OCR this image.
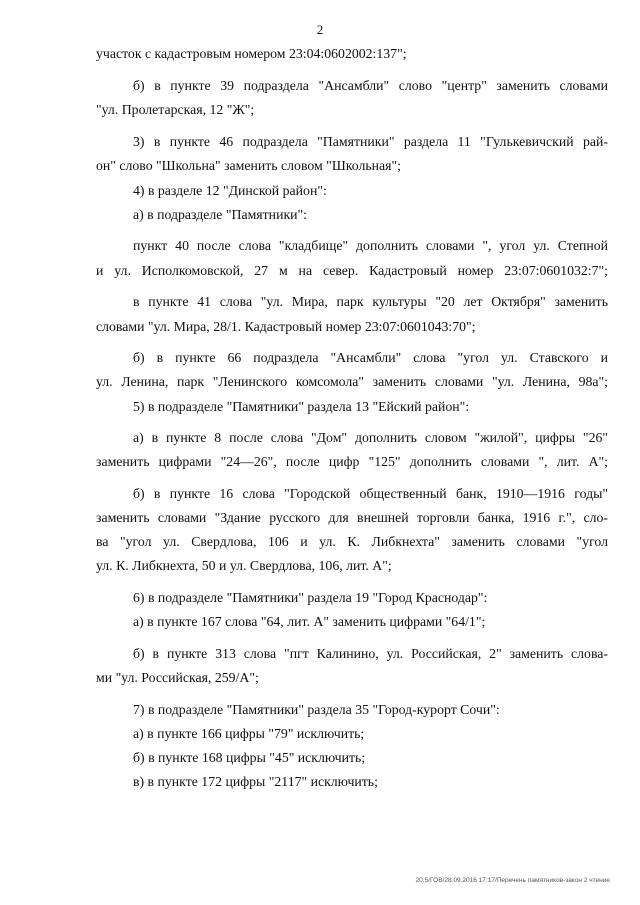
2
участок с кадастровым номером 23:04:0602002:137";
б) в пункте 39 подраздела "Ансамбли" слово "центр" заменить словами
"ул. Пролетарская, 12 "Ж";
3) в пункте 46 подраздела "Памятники" раздела 11 "Гулькевичский рай-
он" слово "Школьна" заменить словом "Школьная";
4) в разделе 12 "Динской район":
а) в подразделе "Памятники":
пункт 40 после слова "кладбище" дополнить словами ", угол ул. Степной
и ул. Исполкомовской, 27 м на север. Кадастровый номер 23:07:0601032:7";
в пункте 41 слова "ул. Мира, парк культуры "20 лет Октября" заменить
словами "ул. Мира, 28/1. Кадастровый номер 23:07:0601043:70";
б) в пункте 66 подраздела "Ансамбли" слова "угол ул. Ставского и
ул. Ленина, парк "Ленинского комсомола" заменить словами "ул. Ленина, 98а";
5) в подразделе "Памятники" раздела 13 "Ейский район":
а) в пункте 8 после слова "Дом" дополнить словом "жилой", цифры "26"
заменить цифрами "24—26", после цифр "125" дополнить словами ", лит. А";
б) в пункте 16 слова "Городской общественный банк, 1910—1916 годы"
заменить словами "Здание русского для внешней торговли банка, 1916 г.", сло-
ва "угол ул. Свердлова, 106 и ул. К. Либкнехта" заменить словами "угол
ул. К. Либкнехта, 50 и ул. Свердлова, 106, лит. А";
6) в подразделе "Памятники" раздела 19 "Город Краснодар":
а) в пункте 167 слова "64, лит. А" заменить цифрами "64/1";
б) в пункте 313 слова "пгт Калинино, ул. Российская, 2" заменить слова-
ми "ул. Российская, 259/А";
7) в подразделе "Памятники" раздела 35 "Город-курорт Сочи":
а) в пункте 166 цифры "79" исключить;
б) в пункте 168 цифры "45" исключить;
в) в пункте 172 цифры "2117" исключить;
20.5/ГОВ/28.09.2016 17:17/Перечень памятников-закон 2 чтение
